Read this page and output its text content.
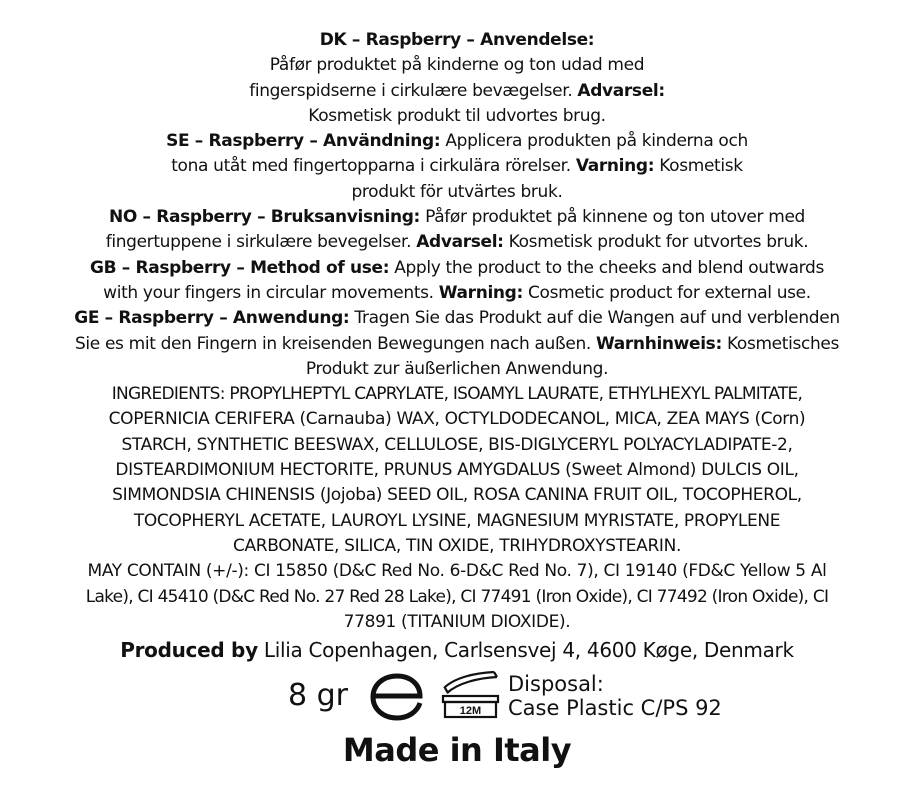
DK – Raspberry – Anvendelse:
Påfør produktet på kinderne og ton udad med
fingerspidserne i cirkulære bevægelser. Advarsel:
Kosmetisk produkt til udvortes brug.
SE – Raspberry – Användning: Applicera produkten på kinderna och
tona utåt med fingertopparna i cirkulära rörelser. Varning: Kosmetisk
produkt för utvärtes bruk.
NO – Raspberry – Bruksanvisning: Påfør produktet på kinnene og ton utover med
fingertuppene i sirkulære bevegelser. Advarsel: Kosmetisk produkt for utvortes bruk.
GB – Raspberry – Method of use: Apply the product to the cheeks and blend outwards
with your fingers in circular movements. Warning: Cosmetic product for external use.
GE – Raspberry – Anwendung: Tragen Sie das Produkt auf die Wangen auf und verblenden
Sie es mit den Fingern in kreisenden Bewegungen nach außen. Warnhinweis: Kosmetisches
Produkt zur äußerlichen Anwendung.
INGREDIENTS: PROPYLHEPTYL CAPRYLATE, ISOAMYL LAURATE, ETHYLHEXYL PALMITATE,
COPERNICIA CERIFERA (Carnauba) WAX, OCTYLDODECANOL, MICA, ZEA MAYS (Corn)
STARCH, SYNTHETIC BEESWAX, CELLULOSE, BIS-DIGLYCERYL POLYACYLADIPATE-2,
DISTEARDIMONIUM HECTORITE, PRUNUS AMYGDALUS (Sweet Almond) DULCIS OIL,
SIMMONDSIA CHINENSIS (Jojoba) SEED OIL, ROSA CANINA FRUIT OIL, TOCOPHEROL,
TOCOPHERYL ACETATE, LAUROYL LYSINE, MAGNESIUM MYRISTATE, PROPYLENE
CARBONATE, SILICA, TIN OXIDE, TRIHYDROXYSTEARIN.
MAY CONTAIN (+/-): CI 15850 (D&C Red No. 6-D&C Red No. 7), CI 19140 (FD&C Yellow 5 Al
Lake), CI 45410 (D&C Red No. 27 Red 28 Lake), CI 77491 (Iron Oxide), CI 77492 (Iron Oxide), CI
77891 (TITANIUM DIOXIDE).
Produced by Lilia Copenhagen, Carlsensvej 4, 4600 Køge, Denmark
8 gr	12M
Disposal:
Case Plastic C/PS 92
Made in Italy
